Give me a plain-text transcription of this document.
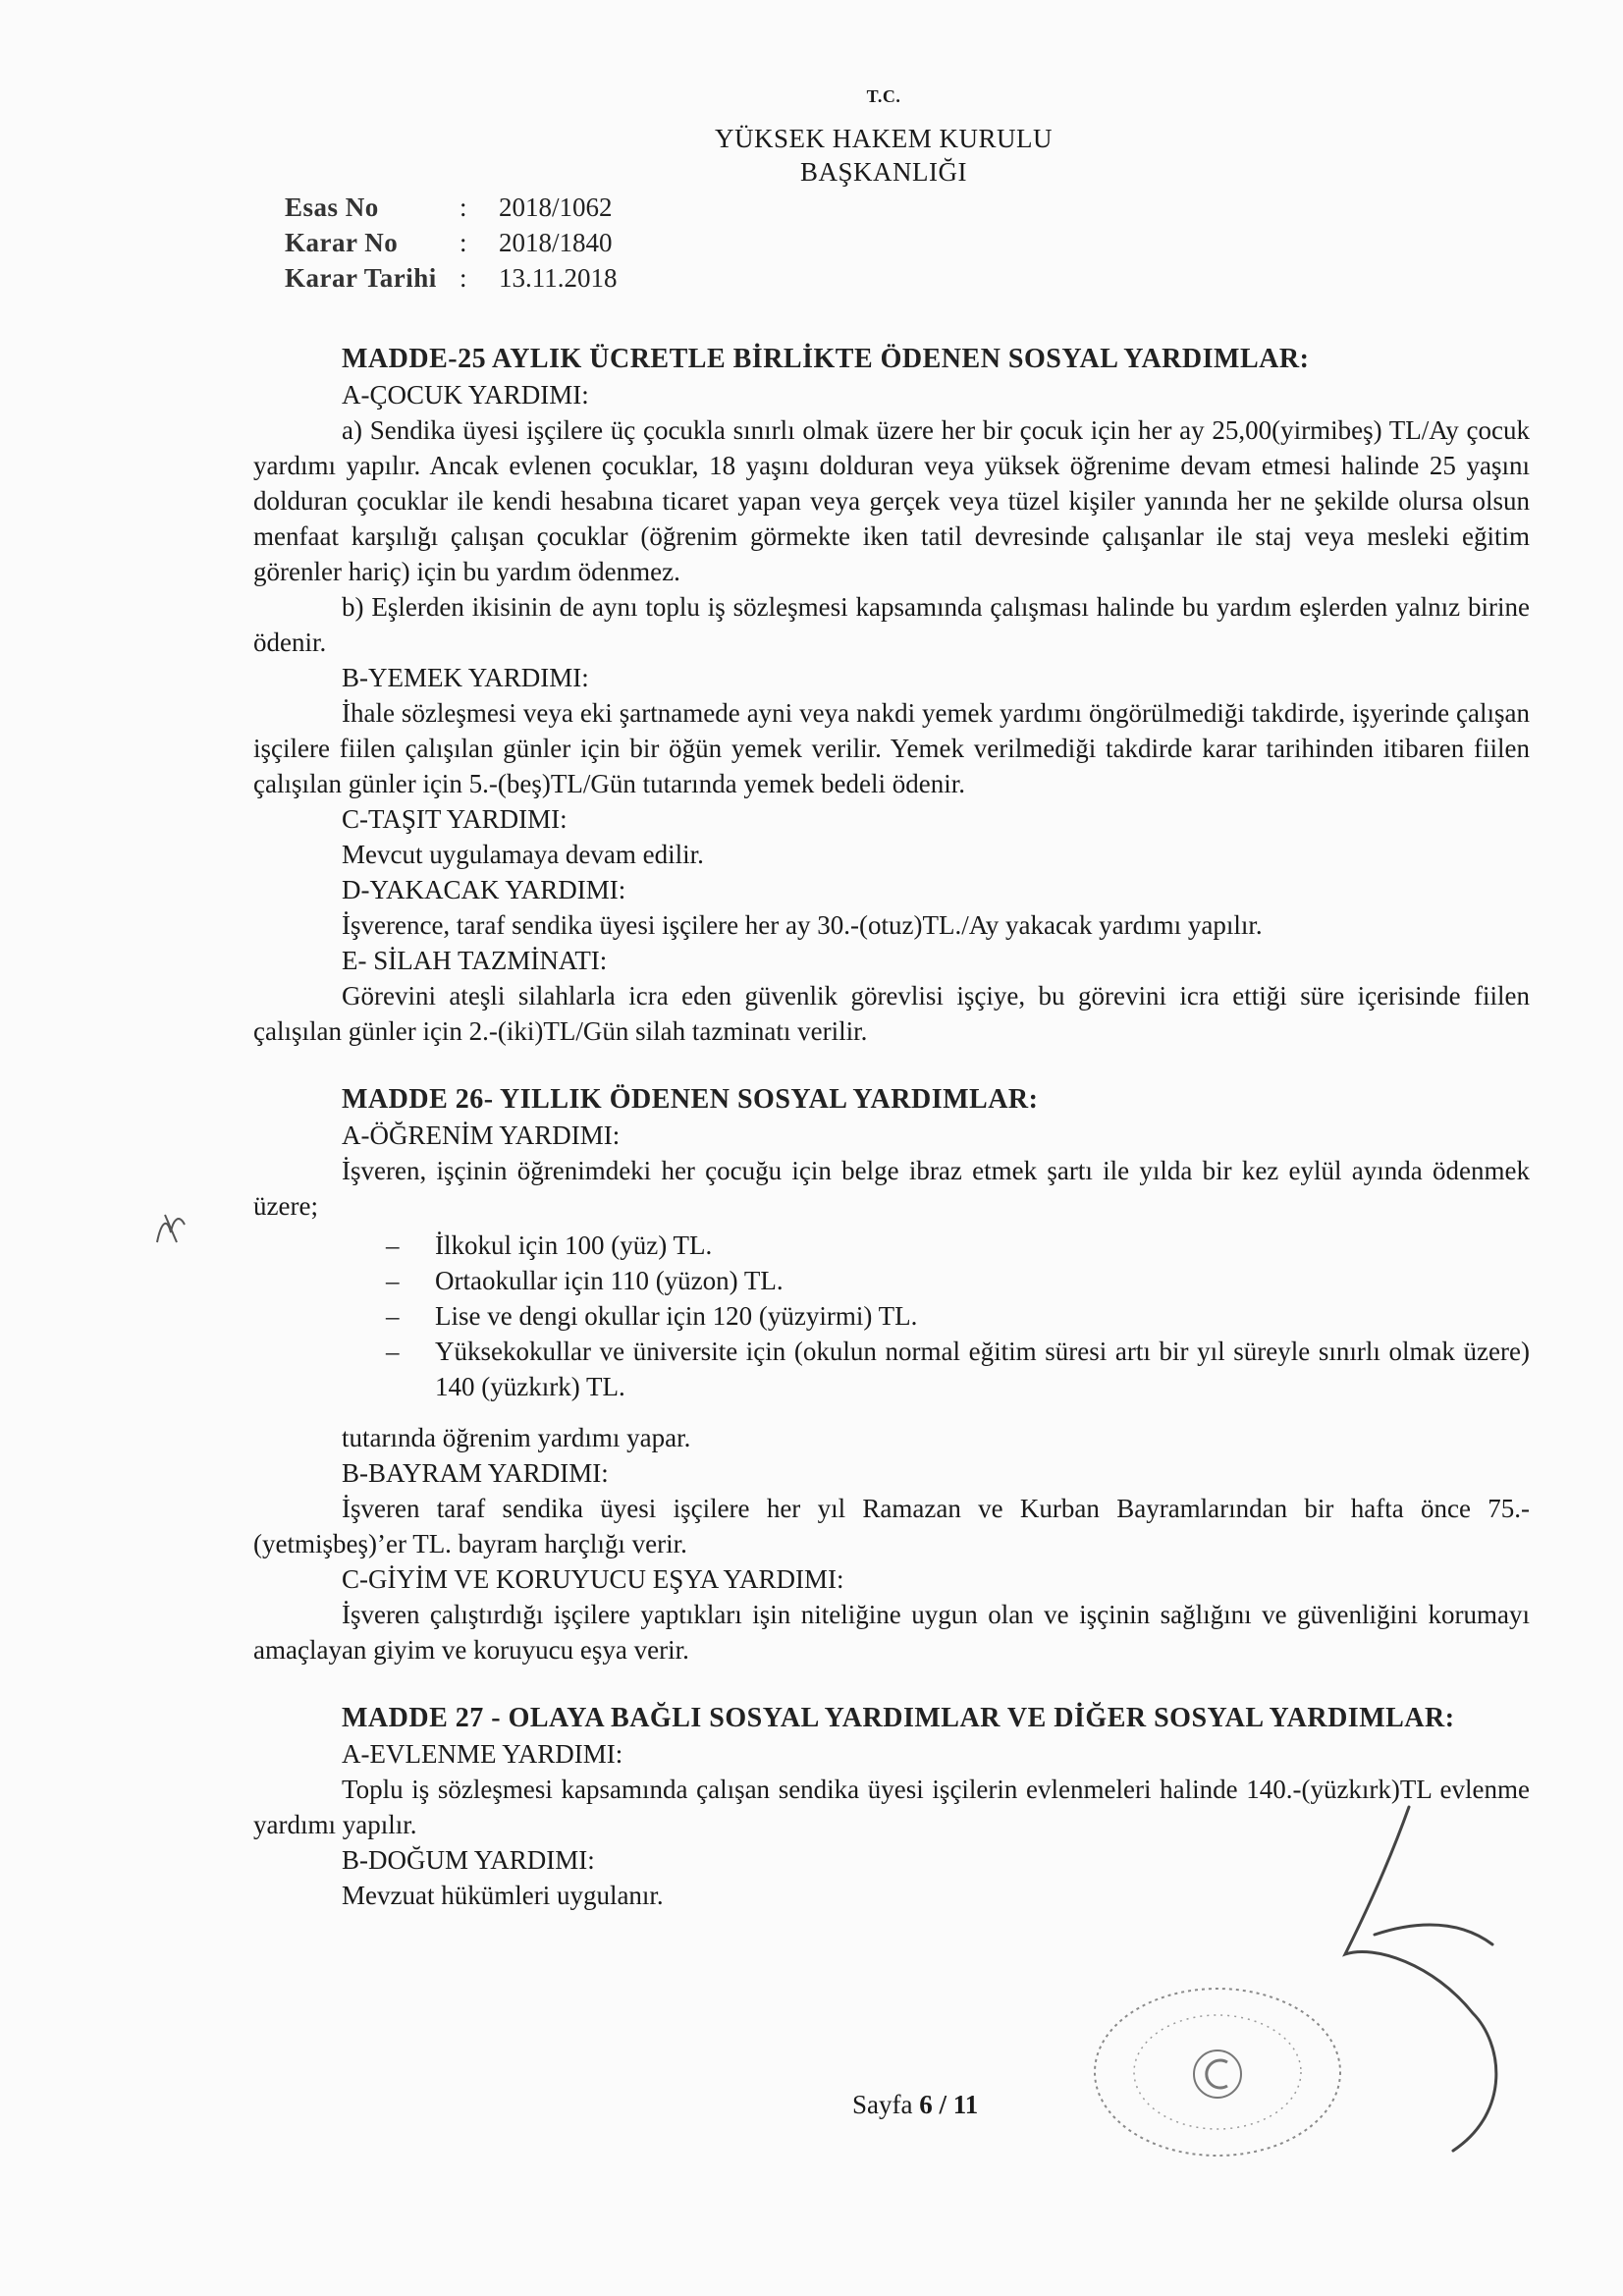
T.C.
YÜKSEK HAKEM KURULU
BAŞKANLIĞI
Esas No	:	2018/1062
Karar No	:	2018/1840
Karar Tarihi :	13.11.2018
MADDE-25 AYLIK ÜCRETLE BİRLİKTE ÖDENEN SOSYAL YARDIMLAR:
A-ÇOCUK YARDIMI:

a) Sendika üyesi işçilere üç çocukla sınırlı olmak üzere her bir çocuk için her ay 25,00(yirmibeş) TL/Ay çocuk yardımı yapılır. Ancak evlenen çocuklar, 18 yaşını dolduran veya yüksek öğrenime devam etmesi halinde 25 yaşını dolduran çocuklar ile kendi hesabına ticaret yapan veya gerçek veya tüzel kişiler yanında her ne şekilde olursa olsun menfaat karşılığı çalışan çocuklar (öğrenim görmekte iken tatil devresinde çalışanlar ile staj veya mesleki eğitim görenler hariç) için bu yardım ödenmez.

b) Eşlerden ikisinin de aynı toplu iş sözleşmesi kapsamında çalışması halinde bu yardım eşlerden yalnız birine ödenir.

B-YEMEK YARDIMI:

İhale sözleşmesi veya eki şartnamede ayni veya nakdi yemek yardımı öngörülmediği takdirde, işyerinde çalışan işçilere fiilen çalışılan günler için bir öğün yemek verilir. Yemek verilmediği takdirde karar tarihinden itibaren fiilen çalışılan günler için 5.-(beş)TL/Gün tutarında yemek bedeli ödenir.

C-TAŞIT YARDIMI:

Mevcut uygulamaya devam edilir.

D-YAKACAK YARDIMI:

İşverence, taraf sendika üyesi işçilere her ay 30.-(otuz)TL./Ay yakacak yardımı yapılır.

E- SİLAH TAZMİNATI:

Görevini ateşli silahlarla icra eden güvenlik görevlisi işçiye, bu görevini icra ettiği süre içerisinde fiilen çalışılan günler için 2.-(iki)TL/Gün silah tazminatı verilir.

MADDE 26- YILLIK ÖDENEN SOSYAL YARDIMLAR:
A-ÖĞRENİM YARDIMI:

İşveren, işçinin öğrenimdeki her çocuğu için belge ibraz etmek şartı ile yılda bir kez eylül ayında ödenmek üzere;

– İlkokul için 100 (yüz) TL.
– Ortaokullar için 110 (yüzon) TL.
– Lise ve dengi okullar için 120 (yüzyirmi) TL.
– Yüksekokullar ve üniversite için (okulun normal eğitim süresi artı bir yıl süreyle sınırlı olmak üzere) 140 (yüzkırk) TL.

tutarında öğrenim yardımı yapar.

B-BAYRAM YARDIMI:

İşveren taraf sendika üyesi işçilere her yıl Ramazan ve Kurban Bayramlarından bir hafta önce 75.-(yetmişbeş)’er TL. bayram harçlığı verir.

C-GİYİM VE KORUYUCU EŞYA YARDIMI:

İşveren çalıştırdığı işçilere yaptıkları işin niteliğine uygun olan ve işçinin sağlığını ve güvenliğini korumayı amaçlayan giyim ve koruyucu eşya verir.

MADDE 27 - OLAYA BAĞLI SOSYAL YARDIMLAR VE DİĞER SOSYAL YARDIMLAR:

A-EVLENME YARDIMI:

Toplu iş sözleşmesi kapsamında çalışan sendika üyesi işçilerin evlenmeleri halinde 140.-(yüzkırk)TL evlenme yardımı yapılır.

B-DOĞUM YARDIMI:

Mevzuat hükümleri uygulanır.

Sayfa 6 / 11
